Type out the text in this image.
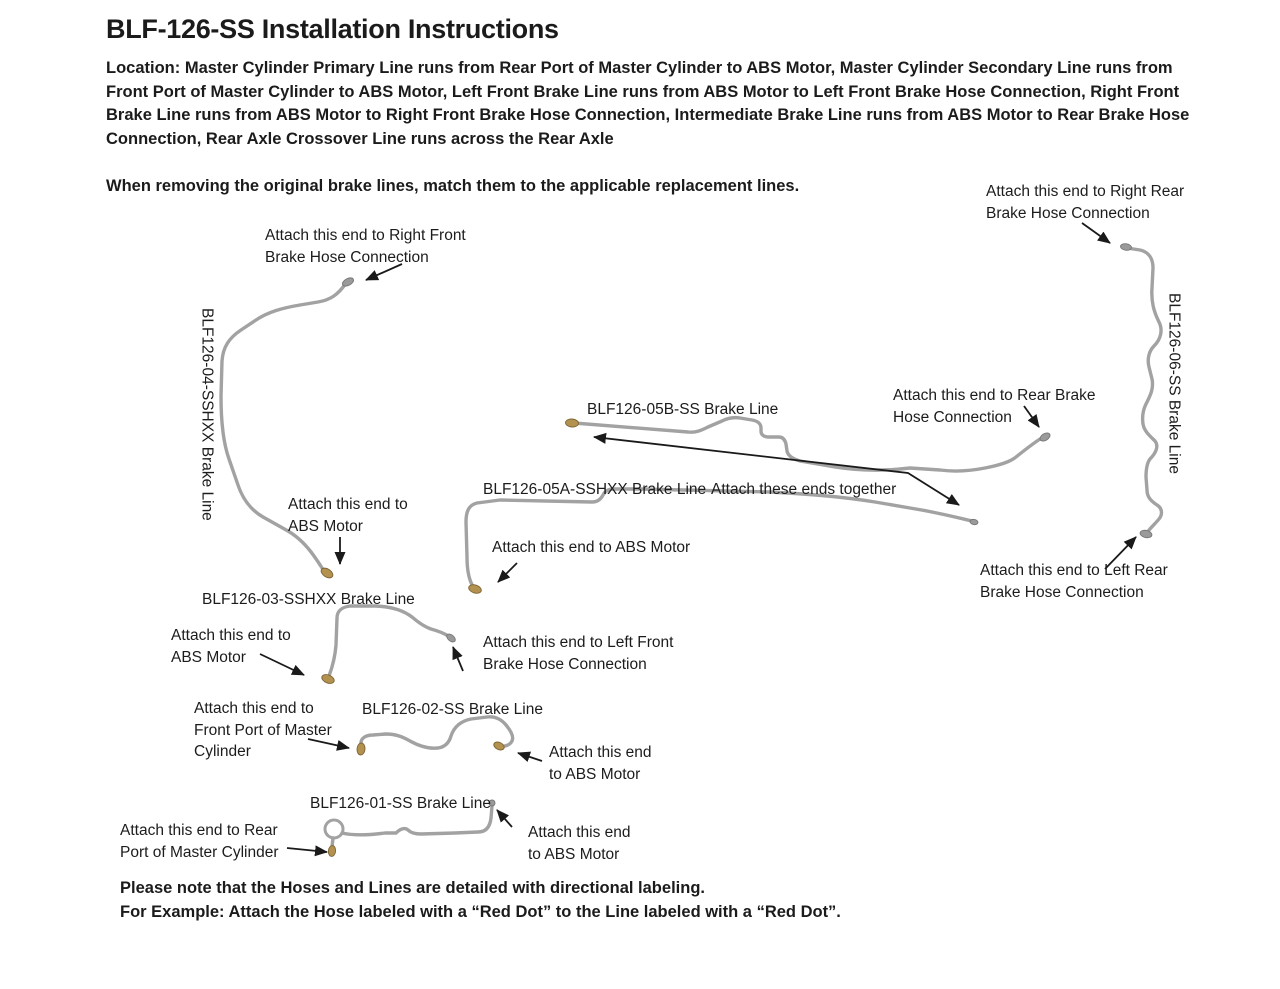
BLF-126-SS Installation Instructions
Location: Master Cylinder Primary Line runs from Rear Port of Master Cylinder to ABS Motor, Master Cylinder Secondary Line runs from Front Port of Master Cylinder to ABS Motor, Left Front Brake Line runs from ABS Motor to Left Front Brake Hose Connection, Right Front Brake Line runs from ABS Motor to Right Front Brake Hose Connection, Intermediate Brake Line runs from ABS Motor to Rear Brake Hose Connection, Rear Axle Crossover Line runs across the Rear Axle
When removing the original brake lines, match them to the applicable replacement lines.
Attach this end to Right Front Brake Hose Connection
Attach this end to Right Rear Brake Hose Connection
BLF126-04-SSHXX Brake Line	BLF126-06-SS Brake Line
BLF126-05B-SS Brake Line
Attach this end to Rear Brake Hose Connection
BLF126-05A-SSHXX Brake Line Attach these ends together
Attach this end to ABS Motor
Attach this end to ABS Motor
BLF126-03-SSHXX Brake Line
Attach this end to ABS Motor
Attach this end to Left Front Brake Hose Connection
Attach this end to Front Port of Master Cylinder
BLF126-02-SS Brake Line
Attach this end to ABS Motor
BLF126-01-SS Brake Line
Attach this end to Rear Port of Master Cylinder
Attach this end to ABS Motor
Attach this end to Left Rear Brake Hose Connection
Please note that the Hoses and Lines are detailed with directional labeling.
For Example: Attach the Hose labeled with a “Red Dot” to the Line labeled with a “Red Dot”.
